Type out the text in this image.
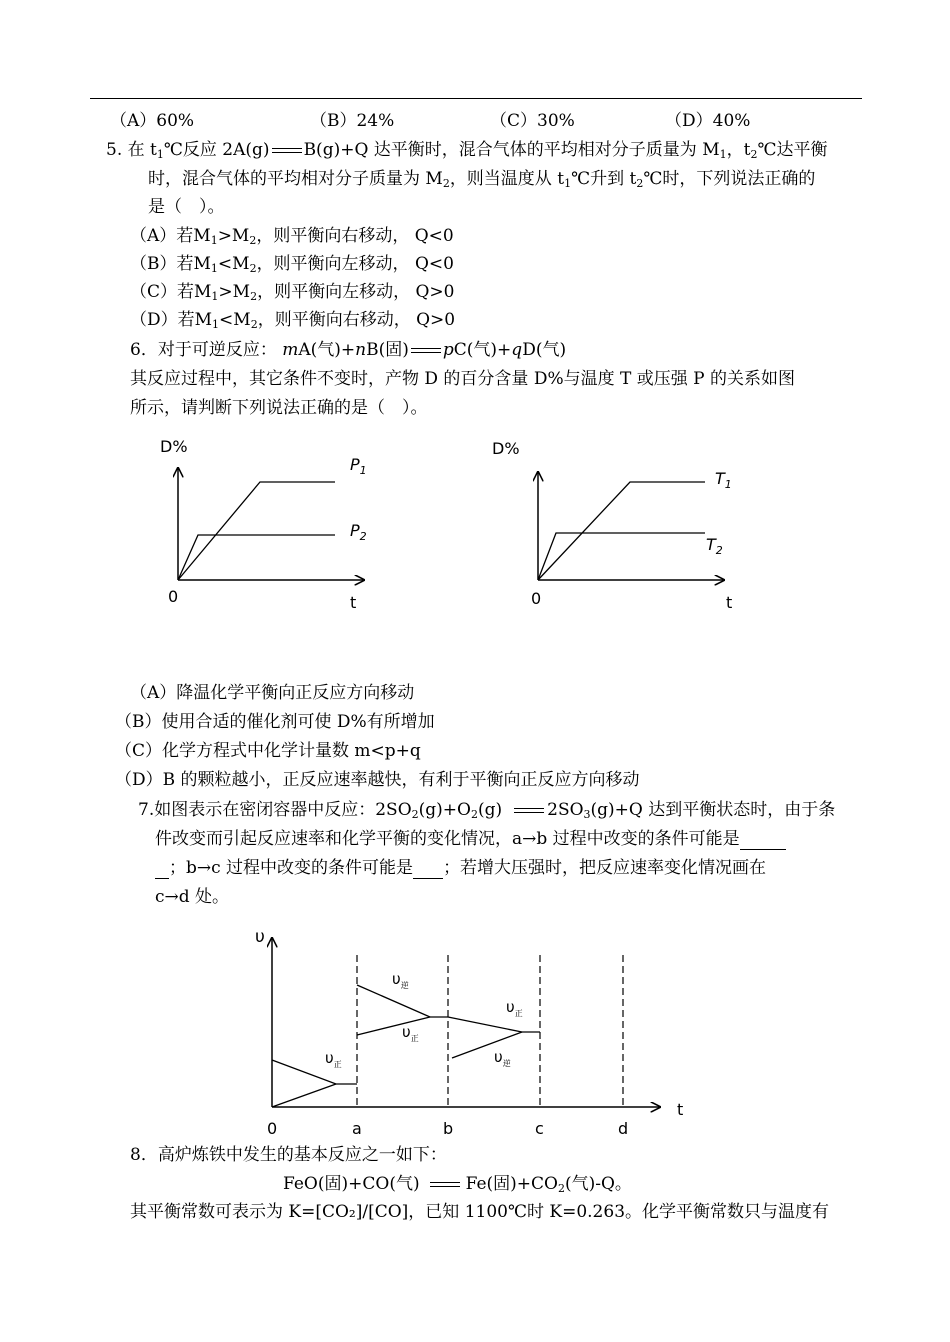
（A）60%	（B）24%	（C）30%	（D）40%
5. 在 $t_1℃$反应 2A(g) B(g)+Q 达平衡时，混合气体的平均相对分子质量为 $M_1$，$t_2℃$达平衡
时，混合气体的平均相对分子质量为 $M_2$，则当温度从 $t_1℃$升到 $t_2℃$时，下列说法正确的
是（　）。
（A）若$M_1>M_2$，则平衡向右移动， Q<0
（B）若$M_1<M_2$，则平衡向左移动， Q<0
（C）若$M_1>M_2$，则平衡向左移动， Q>0
（D）若$M_1<M_2$，则平衡向右移动， Q>0
6．对于可逆反应： mA(气)+nB(固) pC(气)+qD(气)
其反应过程中，其它条件不变时，产物 D 的百分含量 D%与温度 T 或压强 P 的关系如图
所示，请判断下列说法正确的是（　）。
D%
t
0
$P_1$
$P_2$
D%
t
0
$T_1$
$T_2$
（A）降温化学平衡向正反应方向移动
（B）使用合适的催化剂可使 D%有所增加
（C）化学方程式中化学计量数 m<p+q
（D）B 的颗粒越小，正反应速率越快，有利于平衡向正反应方向移动
7.如图表示在密闭容器中反应：$2SO_2(g)+O_2(g)$	$2SO_3(g)+Q$ 达到平衡状态时，由于条
件改变而引起反应速率和化学平衡的变化情况，a→b 过程中改变的条件可能是
；b→c 过程中改变的条件可能是 ；若增大压强时，把反应速率变化情况画在
c→d 处。
υ
t
0	a	b	c	d
$\upsilon_正$
$\upsilon_逆$
$\upsilon_正$
$\upsilon_正$
$\upsilon_逆$
8．高炉炼铁中发生的基本反应之一如下：
FeO(固)+CO(气)	Fe(固)$+CO_2$(气)-Q。
其平衡常数可表示为 K=[CO₂]/[CO]，已知 1100℃时 K=0.263。化学平衡常数只与温度有
